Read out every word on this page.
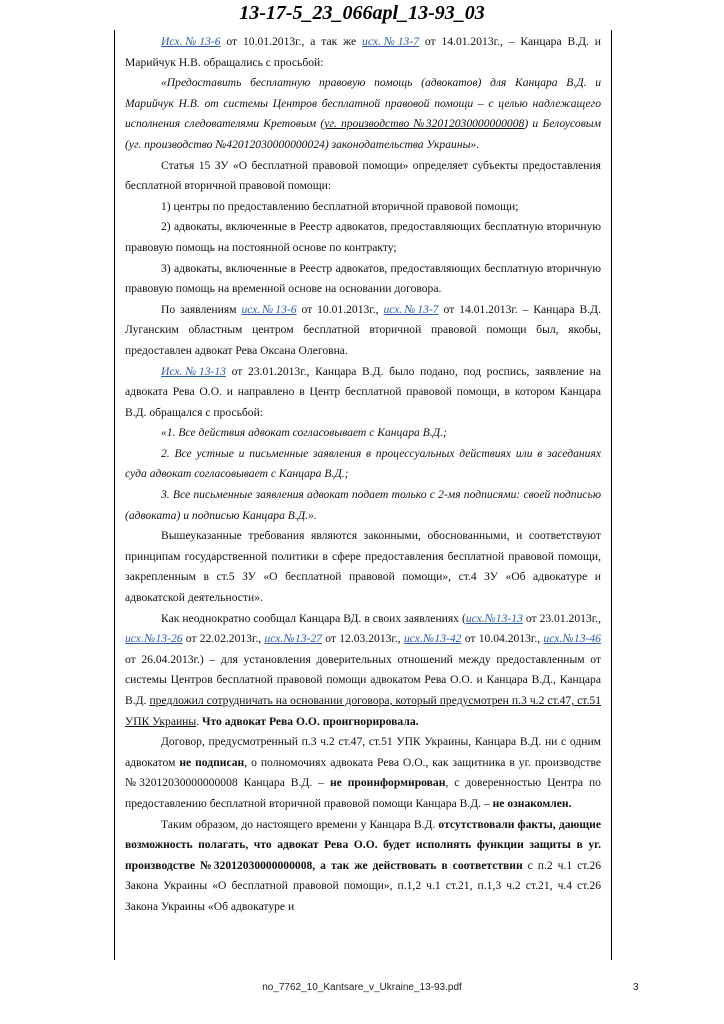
13-17-5_23_066apl_13-93_03

Исх.№13-6 от 10.01.2013г., а так же исх.№13-7 от 14.01.2013г., – Канцара В.Д. и Марийчук Н.В. обращались с просьбой:

«Предоставить бесплатную правовую помощь (адвокатов) для Канцара В.Д. и Марийчук Н.В. от системы Центров бесплатной правовой помощи – с целью надлежащего исполнения следователями Кретовым (уг. производство №32012030000000008) и Белоусовым (уг. производство №42012030000000024) законодательства Украины».

Статья 15 ЗУ «О бесплатной правовой помощи» определяет субъекты предоставления бесплатной вторичной правовой помощи:

1) центры по предоставлению бесплатной вторичной правовой помощи;

2) адвокаты, включенные в Реестр адвокатов, предоставляющих бесплатную вторичную правовую помощь на постоянной основе по контракту;

3) адвокаты, включенные в Реестр адвокатов, предоставляющих бесплатную вторичную правовую помощь на временной основе на основании договора.

По заявлениям исх.№13-6 от 10.01.2013г., исх.№13-7 от 14.01.2013г. – Канцара В.Д. Луганским областным центром бесплатной вторичной правовой помощи был, якобы, предоставлен адвокат Рева Оксана Олеговна.

Исх.№13-13 от 23.01.2013г., Канцара В.Д. было подано, под роспись, заявление на адвоката Рева О.О. и направлено в Центр бесплатной правовой помощи, в котором Канцара В.Д. обращался с просьбой:

«1. Все действия адвокат согласовывает с Канцара В.Д.;

2. Все устные и письменные заявления в процессуальных действиях или в заседаниях суда адвокат согласовывает с Канцара В.Д.;

3. Все письменные заявления адвокат подает только с 2-мя подписями: своей подписью (адвоката) и подписью Канцара В.Д.».

Вышеуказанные требования являются законными, обоснованными, и соответствуют принципам государственной политики в сфере предоставления бесплатной правовой помощи, закрепленным в ст.5 ЗУ «О бесплатной правовой помощи», ст.4 ЗУ «Об адвокатуре и адвокатской деятельности».

Как неоднократно сообщал Канцара ВД. в своих заявлениях (исх.№13-13 от 23.01.2013г., исх.№13-26 от 22.02.2013г., исх.№13-27 от 12.03.2013г., исх.№13-42 от 10.04.2013г., исх.№13-46 от 26.04.2013г.) – для установления доверительных отношений между предоставленным от системы Центров бесплатной правовой помощи адвокатом Рева О.О. и Канцара В.Д., Канцара В.Д. предложил сотрудничать на основании договора, который предусмотрен п.3 ч.2 ст.47, ст.51 УПК Украины. Что адвокат Рева О.О. проигнорировала.

Договор, предусмотренный п.3 ч.2 ст.47, ст.51 УПК Украины, Канцара В.Д. ни с одним адвокатом не подписан, о полномочиях адвоката Рева О.О., как защитника в уг. производстве №32012030000000008 Канцара В.Д. – не проинформирован, с доверенностью Центра по предоставлению бесплатной вторичной правовой помощи Канцара В.Д. – не ознакомлен.

Таким образом, до настоящего времени у Канцара В.Д. отсутствовали факты, дающие возможность полагать, что адвокат Рева О.О. будет исполнять функции защиты в уг. производстве №32012030000000008, а так же действовать в соответствии с п.2 ч.1 ст.26 Закона Украины «О бесплатной правовой помощи», п.1,2 ч.1 ст.21, п.1,3 ч.2 ст.21, ч.4 ст.26 Закона Украины «Об адвокатуре и

no_7762_10_Kantsare_v_Ukraine_13-93.pdf	3
